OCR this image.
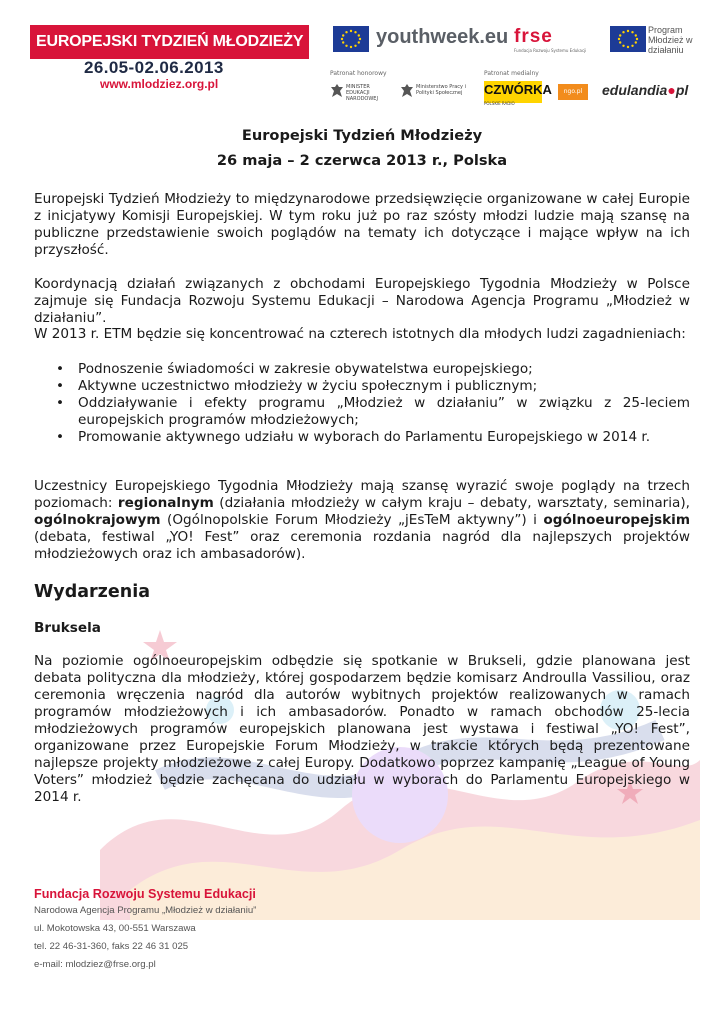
EUROPEJSKI TYDZIEŃ MŁODZIEŻY
26.05-02.06.2013
www.mlodziez.org.pl
youthweek.eu frse
Fundacja Rozwoju Systemu Edukacji
Program Młodzież w działaniu
Patronat honorowy
MINISTER EDUKACJI NARODOWEJ
Ministerstwo Pracy i Polityki Społecznej
Patronat medialny
CZWÓRKA
POLSKIE RADIO
ngo.pl	edulandia●pl
Europejski Tydzień Młodzieży
26 maja – 2 czerwca 2013 r., Polska

Europejski Tydzień Młodzieży to międzynarodowe przedsięwzięcie organizowane w całej Europie z inicjatywy Komisji Europejskiej. W tym roku już po raz szósty młodzi ludzie mają szansę na publiczne przedstawienie swoich poglądów na tematy ich dotyczące i mające wpływ na ich przyszłość.

Koordynacją działań związanych z obchodami Europejskiego Tygodnia Młodzieży w Polsce zajmuje się Fundacja Rozwoju Systemu Edukacji – Narodowa Agencja Programu „Młodzież w działaniu”.

W 2013 r. ETM będzie się koncentrować na czterech istotnych dla młodych ludzi zagadnieniach:

• Podnoszenie świadomości w zakresie obywatelstwa europejskiego;
• Aktywne uczestnictwo młodzieży w życiu społecznym i publicznym;
• Oddziaływanie i efekty programu „Młodzież w działaniu” w związku z 25-leciem europejskich programów młodzieżowych;
• Promowanie aktywnego udziału w wyborach do Parlamentu Europejskiego w 2014 r.

Uczestnicy Europejskiego Tygodnia Młodzieży mają szansę wyrazić swoje poglądy na trzech poziomach: regionalnym (działania młodzieży w całym kraju – debaty, warsztaty, seminaria), ogólnokrajowym (Ogólnopolskie Forum Młodzieży „jEsTeM aktywny”) i ogólnoeuropejskim (debata, festiwal „YO! Fest” oraz ceremonia rozdania nagród dla najlepszych projektów młodzieżowych oraz ich ambasadorów).

Wydarzenia
Bruksela

Na poziomie ogólnoeuropejskim odbędzie się spotkanie w Brukseli, gdzie planowana jest debata polityczna dla młodzieży, której gospodarzem będzie komisarz Androulla Vassiliou, oraz ceremonia wręczenia nagród dla autorów wybitnych projektów realizowanych w ramach programów młodzieżowych i ich ambasadorów. Ponadto w ramach obchodów 25-lecia młodzieżowych programów europejskich planowana jest wystawa i festiwal „YO! Fest”, organizowane przez Europejskie Forum Młodzieży, w trakcie których będą prezentowane najlepsze projekty młodzieżowe z całej Europy. Dodatkowo poprzez kampanię „League of Young Voters” młodzież będzie zachęcana do udziału w wyborach do Parlamentu Europejskiego w 2014 r.

Fundacja Rozwoju Systemu Edukacji
Narodowa Agencja Programu „Młodzież w działaniu”
ul. Mokotowska 43, 00-551 Warszawa
tel. 22 46-31-360, faks 22 46 31 025
e-mail: mlodziez@frse.org.pl
